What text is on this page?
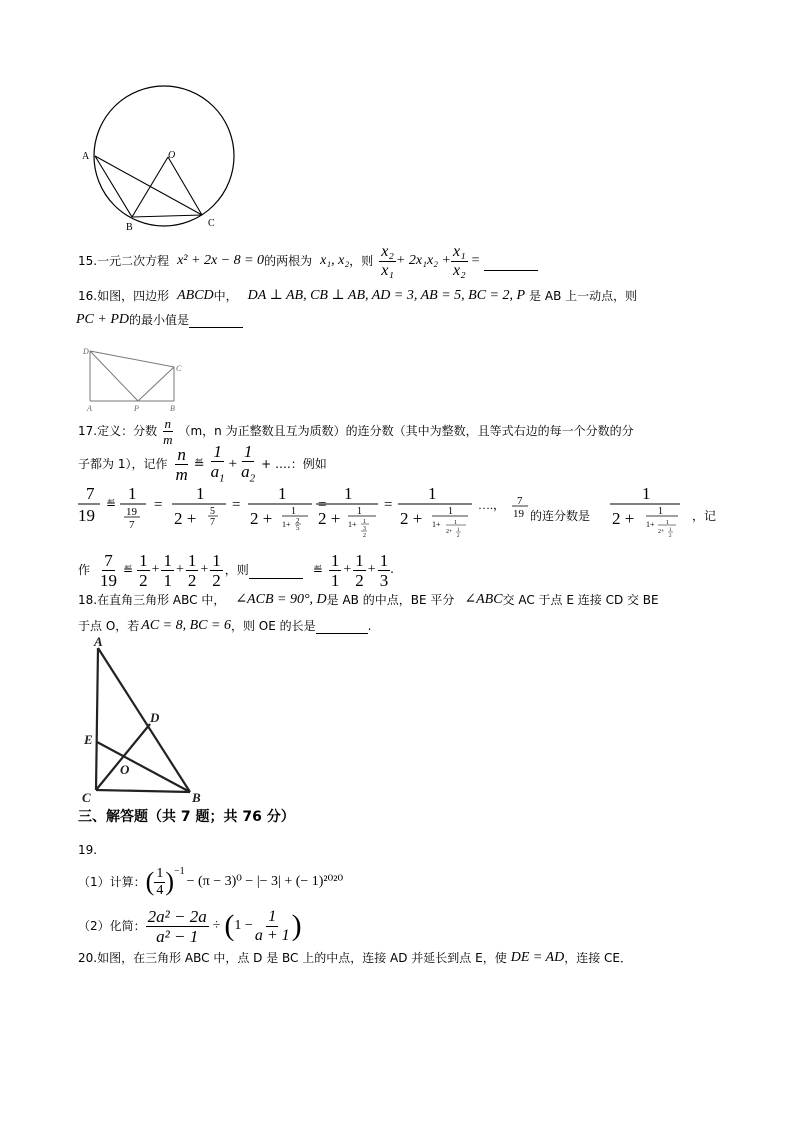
A	O
B	C
15.一元二次方程 x² + 2x − 8 = 0 的两根为 x₁, x₂ ，则 $\frac{\text{x₂}}{\text{x₁}} + 2x_1x_2 + \frac{\text{x₁}}{\text{x₂}}$ =
16.如图，四边形 ABCD 中， DA ⊥ AB, CB ⊥ AB, AD = 3, AB = 5, BC = 2, P 是 AB 上一动点，则
PC + PD 的最小值是
D
C
A	P	B
17.定义：分数 $\frac{n}{m} (m$，n 为正整数且互为质数）的连分数（其中为整数，且等式右边的每一个分数的分
子都为 1），记作 $\frac{n}{m}$ ≝ $\frac{1}{a_1} + \frac{1}{a_2}$ + ….：例如
7
19
≝
1
19
7
=
1
2 + 5
7
=
1
2 + 1
1+ 2
5
=
1
2 + 1
1+ 1
3
2
=
1
2 +	1
1+ 1
2+ 1
2
….， 7
19 的连分数是
1
2 + 1
1+ 1
2+ 1
2
，记
作 $\frac{7}{19}$ ≝ $\frac{1}{2} + \frac{1}{1} + \frac{1}{2} + \frac{1}{2}$ ，则	≝ $\frac{1}{1} + \frac{1}{2} + \frac{1}{3}$ .
18.在直角三角形 ABC 中， ∠ACB = 90°, D 是 AB 的中点，BE 平分 ∠ABC 交 AC 于点 E 连接 CD 交 BE
于点 O，若 AC = 8, BC = 6 ，则 OE 的长是	.
A
D
E
O
C	B
三、解答题（共 7 题；共 76 分）
19.
（1）计算： ( $\frac{1}{4}$ ) −1
− (π − 3)⁰ − |− 3| + (− 1)²⁰²⁰
（2）化简： $\frac{\text{2a² − 2a}}{\text{a² − 1}}$ ÷ ( $1 - \frac{1}{a + 1}$ )
20.如图，在三角形 ABC 中，点 D 是 BC 上的中点，连接 AD 并延长到点 E，使 DE = AD ，连接 CE．
